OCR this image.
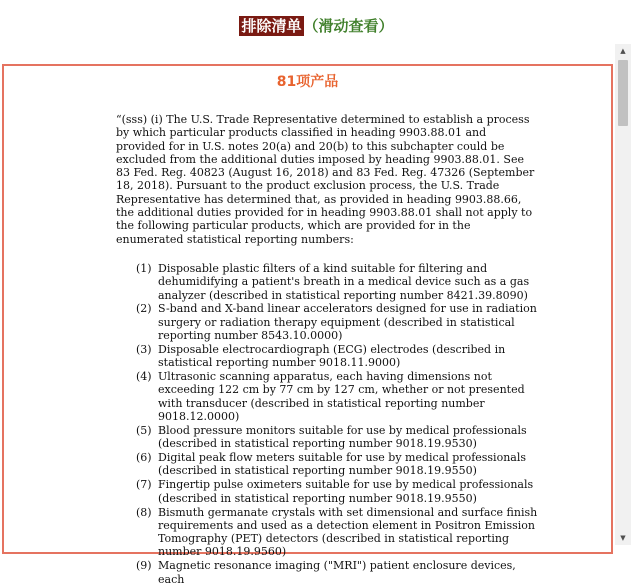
排除清单 （滑动查看）
81项产品
“(sss) (i) The U.S. Trade Representative determined to establish a process by which particular products classified in heading 9903.88.01 and provided for in U.S. notes 20(a) and 20(b) to this subchapter could be excluded from the additional duties imposed by heading 9903.88.01. See 83 Fed. Reg. 40823 (August 16, 2018) and 83 Fed. Reg. 47326 (September 18, 2018). Pursuant to the product exclusion process, the U.S. Trade Representative has determined that, as provided in heading 9903.88.66, the additional duties provided for in heading 9903.88.01 shall not apply to the following particular products, which are provided for in the enumerated statistical reporting numbers:
(1) Disposable plastic filters of a kind suitable for filtering and dehumidifying a patient's breath in a medical device such as a gas analyzer (described in statistical reporting number 8421.39.8090)
(2) S-band and X-band linear accelerators designed for use in radiation surgery or radiation therapy equipment (described in statistical reporting number 8543.10.0000)
(3) Disposable electrocardiograph (ECG) electrodes (described in statistical reporting number 9018.11.9000)
(4) Ultrasonic scanning apparatus, each having dimensions not exceeding 122 cm by 77 cm by 127 cm, whether or not presented with transducer (described in statistical reporting number 9018.12.0000)
(5) Blood pressure monitors suitable for use by medical professionals (described in statistical reporting number 9018.19.9530)
(6) Digital peak flow meters suitable for use by medical professionals (described in statistical reporting number 9018.19.9550)
(7) Fingertip pulse oximeters suitable for use by medical professionals (described in statistical reporting number 9018.19.9550)
(8) Bismuth germanate crystals with set dimensional and surface finish requirements and used as a detection element in Positron Emission Tomography (PET) detectors (described in statistical reporting number 9018.19.9560)
(9) Magnetic resonance imaging ("MRI") patient enclosure devices, each
▲
▼
